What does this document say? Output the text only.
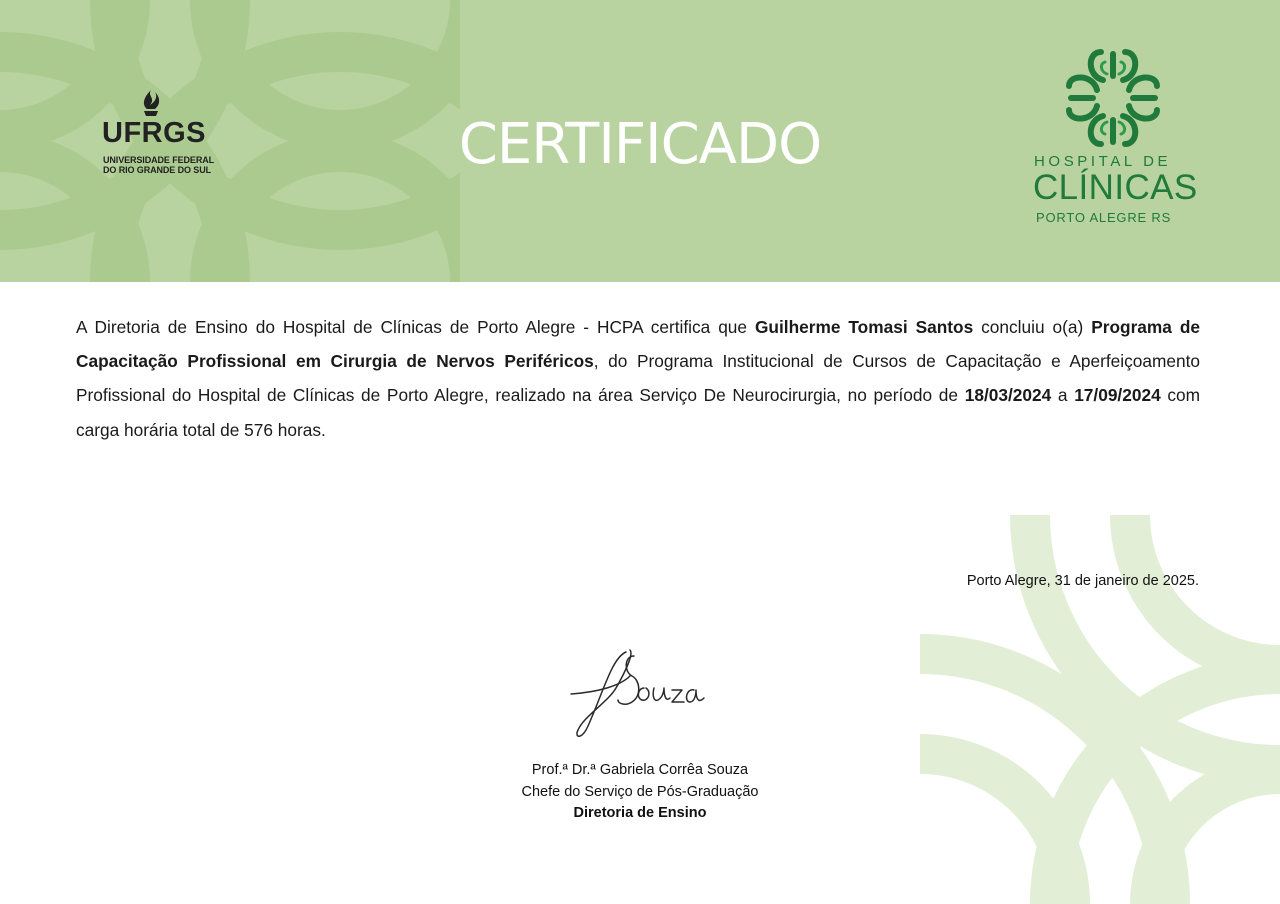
UFRGS
UNIVERSIDADE FEDERAL
DO RIO GRANDE DO SUL	CERTIFICADO	HOSPITAL DE
CLÍNICAS
PORTO ALEGRE RS
A Diretoria de Ensino do Hospital de Clínicas de Porto Alegre - HCPA certifica que Guilherme Tomasi Santos concluiu o(a) Programa de Capacitação Profissional em Cirurgia de Nervos Periféricos, do Programa Institucional de Cursos de Capacitação e Aperfeiçoamento Profissional do Hospital de Clínicas de Porto Alegre, realizado na área Serviço De Neurocirurgia, no período de 18/03/2024 a 17/09/2024 com carga horária total de 576 horas.
Porto Alegre, 31 de janeiro de 2025.
Prof.ª Dr.ª Gabriela Corrêa Souza
Chefe do Serviço de Pós-Graduação
Diretoria de Ensino
